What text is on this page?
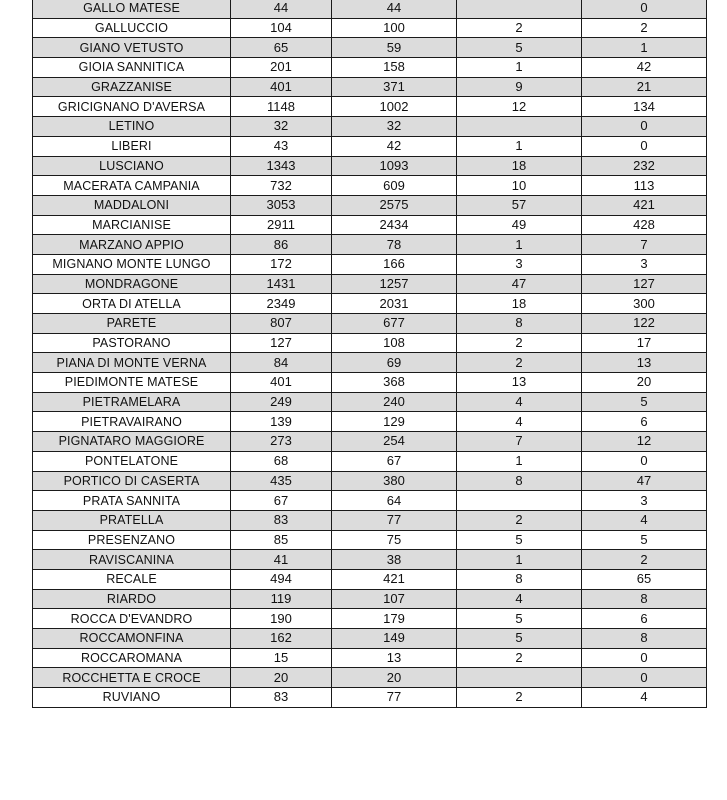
GALLO MATESE	44	44		0
GALLUCCIO	104	100	2	2
GIANO VETUSTO	65	59	5	1
GIOIA SANNITICA	201	158	1	42
GRAZZANISE	401	371	9	21
GRICIGNANO D'AVERSA	1148	1002	12	134
LETINO	32	32		0
LIBERI	43	42	1	0
LUSCIANO	1343	1093	18	232
MACERATA CAMPANIA	732	609	10	113
MADDALONI	3053	2575	57	421
MARCIANISE	2911	2434	49	428
MARZANO APPIO	86	78	1	7
MIGNANO MONTE LUNGO	172	166	3	3
MONDRAGONE	1431	1257	47	127
ORTA DI ATELLA	2349	2031	18	300
PARETE	807	677	8	122
PASTORANO	127	108	2	17
PIANA DI MONTE VERNA	84	69	2	13
PIEDIMONTE MATESE	401	368	13	20
PIETRAMELARA	249	240	4	5
PIETRAVAIRANO	139	129	4	6
PIGNATARO MAGGIORE	273	254	7	12
PONTELATONE	68	67	1	0
PORTICO DI CASERTA	435	380	8	47
PRATA SANNITA	67	64		3
PRATELLA	83	77	2	4
PRESENZANO	85	75	5	5
RAVISCANINA	41	38	1	2
RECALE	494	421	8	65
RIARDO	119	107	4	8
ROCCA D'EVANDRO	190	179	5	6
ROCCAMONFINA	162	149	5	8
ROCCAROMANA	15	13	2	0
ROCCHETTA E CROCE	20	20		0
RUVIANO	83	77	2	4
